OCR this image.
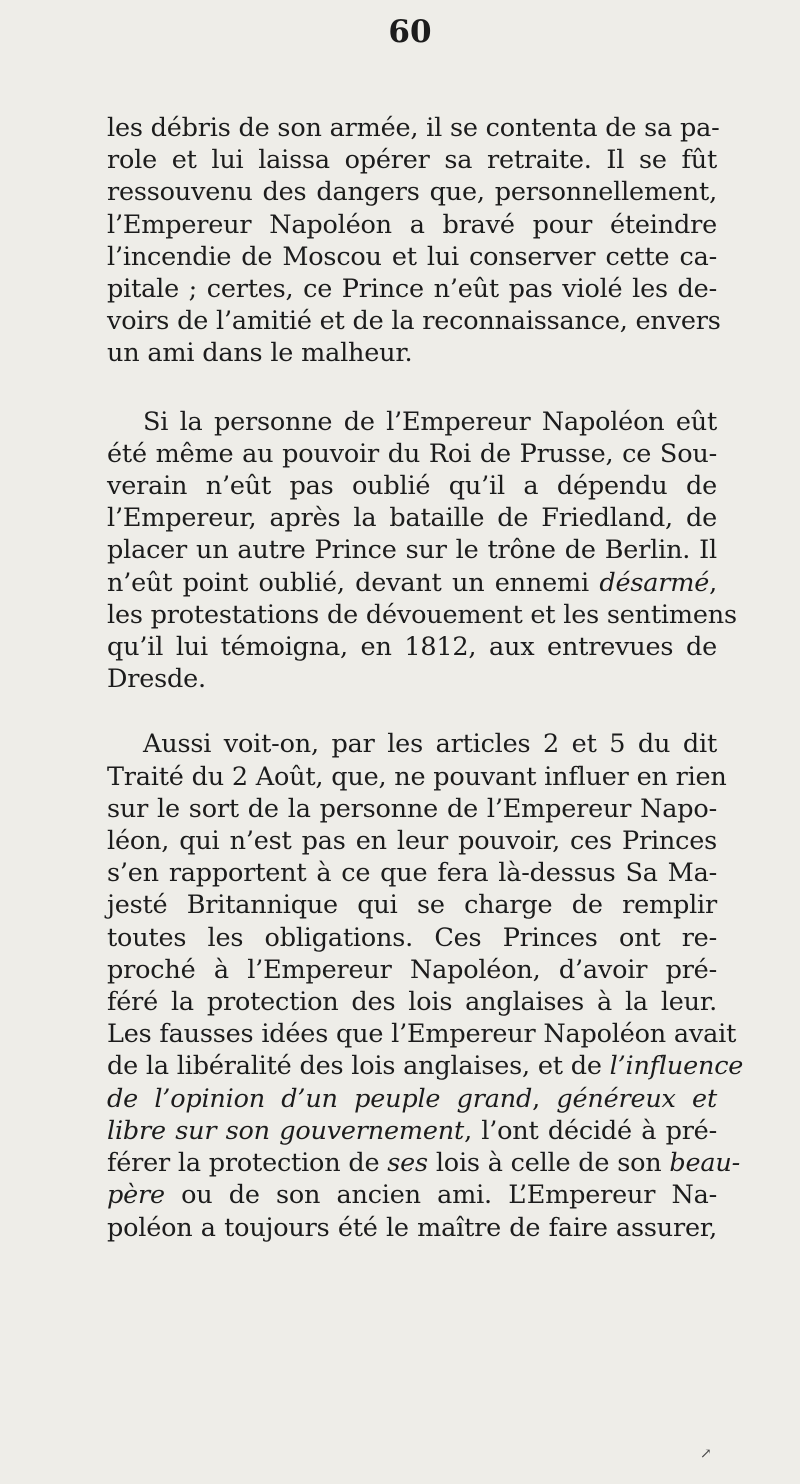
60

les débris de son armée, il se contenta de sa pa-
role et lui laissa opérer sa retraite. Il se fût
ressouvenu des dangers que, personnellement,
l’Empereur Napoléon a bravé pour éteindre
l’incendie de Moscou et lui conserver cette ca-
pitale ; certes, ce Prince n’eût pas violé les de-
voirs de l’amitié et de la reconnaissance, envers
un ami dans le malheur.

Si la personne de l’Empereur Napoléon eût
été même au pouvoir du Roi de Prusse, ce Sou-
verain n’eût pas oublié qu’il a dépendu de
l’Empereur, après la bataille de Friedland, de
placer un autre Prince sur le trône de Berlin. Il
n’eût point oublié, devant un ennemi désarmé,
les protestations de dévouement et les sentimens
qu’il lui témoigna, en 1812, aux entrevues de
Dresde.

Aussi voit-on, par les articles 2 et 5 du dit
Traité du 2 Août, que, ne pouvant influer en rien
sur le sort de la personne de l’Empereur Napo-
léon, qui n’est pas en leur pouvoir, ces Princes
s’en rapportent à ce que fera là-dessus Sa Ma-
jesté Britannique qui se charge de remplir
toutes les obligations. Ces Princes ont re-
proché à l’Empereur Napoléon, d’avoir pré-
féré la protection des lois anglaises à la leur.
Les fausses idées que l’Empereur Napoléon avait
de la libéralité des lois anglaises, et de l’influence
de l’opinion d’un peuple grand, généreux et
libre sur son gouvernement, l’ont décidé à pré-
férer la protection de ses lois à celle de son beau-
père ou de son ancien ami. L’Empereur Na-
poléon a toujours été le maître de faire assurer,

↗
